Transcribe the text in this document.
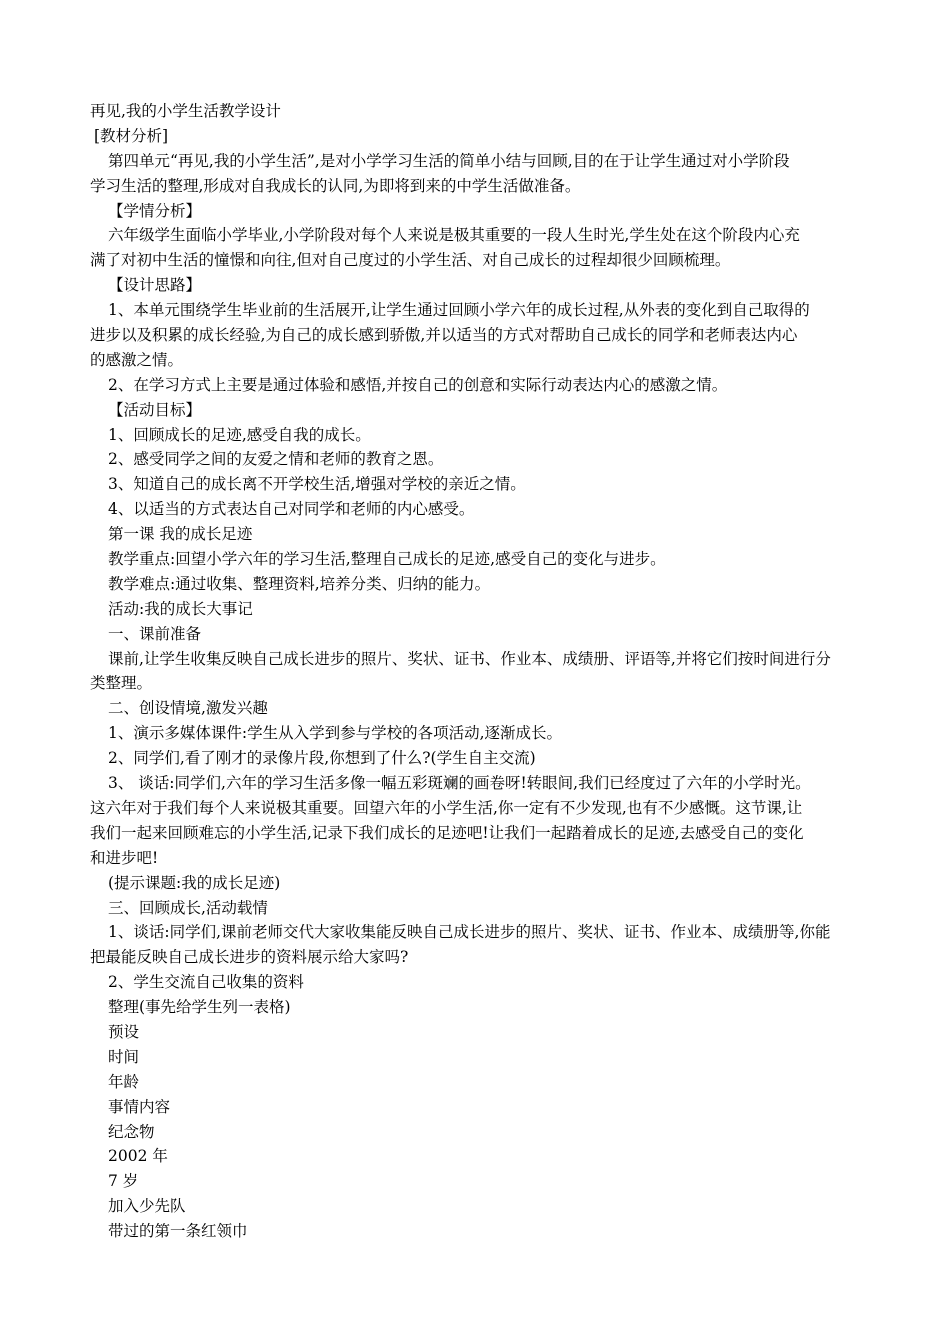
再见,我的小学生活教学设计
[教材分析]
第四单元“再见,我的小学生活”,是对小学学习生活的简单小结与回顾,目的在于让学生通过对小学阶段
学习生活的整理,形成对自我成长的认同,为即将到来的中学生活做准备。
【学情分析】
六年级学生面临小学毕业,小学阶段对每个人来说是极其重要的一段人生时光,学生处在这个阶段内心充
满了对初中生活的憧憬和向往,但对自己度过的小学生活、对自己成长的过程却很少回顾梳理。
【设计思路】
1、本单元围绕学生毕业前的生活展开,让学生通过回顾小学六年的成长过程,从外表的变化到自己取得的
进步以及积累的成长经验,为自己的成长感到骄傲,并以适当的方式对帮助自己成长的同学和老师表达内心
的感激之情。
2、在学习方式上主要是通过体验和感悟,并按自己的创意和实际行动表达内心的感激之情。
【活动目标】
1、回顾成长的足迹,感受自我的成长。
2、感受同学之间的友爱之情和老师的教育之恩。
3、知道自己的成长离不开学校生活,增强对学校的亲近之情。
4、以适当的方式表达自己对同学和老师的内心感受。
第一课 我的成长足迹
教学重点:回望小学六年的学习生活,整理自己成长的足迹,感受自己的变化与进步。
教学难点:通过收集、整理资料,培养分类、归纳的能力。
活动:我的成长大事记
一、课前准备
课前,让学生收集反映自己成长进步的照片、奖状、证书、作业本、成绩册、评语等,并将它们按时间进行分
类整理。
二、创设情境,激发兴趣
1、演示多媒体课件:学生从入学到参与学校的各项活动,逐渐成长。
2、同学们,看了刚才的录像片段,你想到了什么?(学生自主交流)
3、 谈话:同学们,六年的学习生活多像一幅五彩斑斓的画卷呀!转眼间,我们已经度过了六年的小学时光。
这六年对于我们每个人来说极其重要。回望六年的小学生活,你一定有不少发现,也有不少感慨。这节课,让
我们一起来回顾难忘的小学生活,记录下我们成长的足迹吧!让我们一起踏着成长的足迹,去感受自己的变化
和进步吧!
(提示课题:我的成长足迹)
三、回顾成长,活动载情
1、谈话:同学们,课前老师交代大家收集能反映自己成长进步的照片、奖状、证书、作业本、成绩册等,你能
把最能反映自己成长进步的资料展示给大家吗?
2、学生交流自己收集的资料
整理(事先给学生列一表格)
预设
时间
年龄
事情内容
纪念物
2002 年
7 岁
加入少先队
带过的第一条红领巾
